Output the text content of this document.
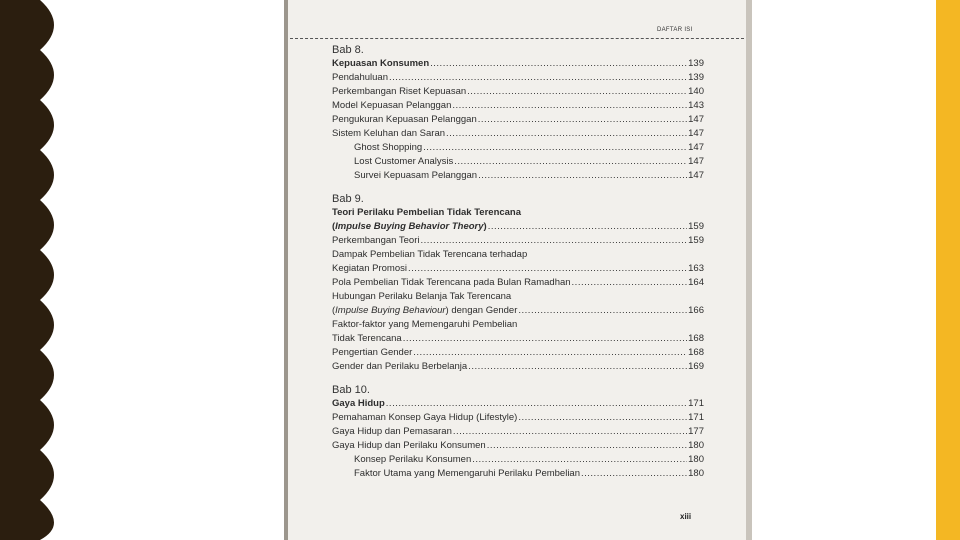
DAFTAR ISI
Bab 8.
Kepuasan Konsumen .....	139
Pendahuluan .....	139
Perkembangan Riset Kepuasan .....	140
Model Kepuasan Pelanggan .....	143
Pengukuran Kepuasan Pelanggan .....	147
Sistem Keluhan dan Saran .....	147
Ghost Shopping .....	147
Lost Customer Analysis .....	147
Survei Kepuasam Pelanggan .....	147
Bab 9.
Teori Perilaku Pembelian Tidak Terencana
(Impulse Buying Behavior Theory) .....	159
Perkembangan Teori .....	159
Dampak Pembelian Tidak Terencana terhadap
Kegiatan Promosi .....	163
Pola Pembelian Tidak Terencana pada Bulan Ramadhan .....	164
Hubungan Perilaku Belanja Tak Terencana
(Impulse Buying Behaviour) dengan Gender .....	166
Faktor-faktor yang Memengaruhi Pembelian
Tidak Terencana .....	168
Pengertian Gender .....	168
Gender dan Perilaku Berbelanja .....	169
Bab 10.
Gaya Hidup .....	171
Pemahaman Konsep Gaya Hidup (Lifestyle) .....	171
Gaya Hidup dan Pemasaran .....	177
Gaya Hidup dan Perilaku Konsumen .....	180
Konsep Perilaku Konsumen .....	180
Faktor Utama yang Memengaruhi Perilaku Pembelian .....	180
xiii
